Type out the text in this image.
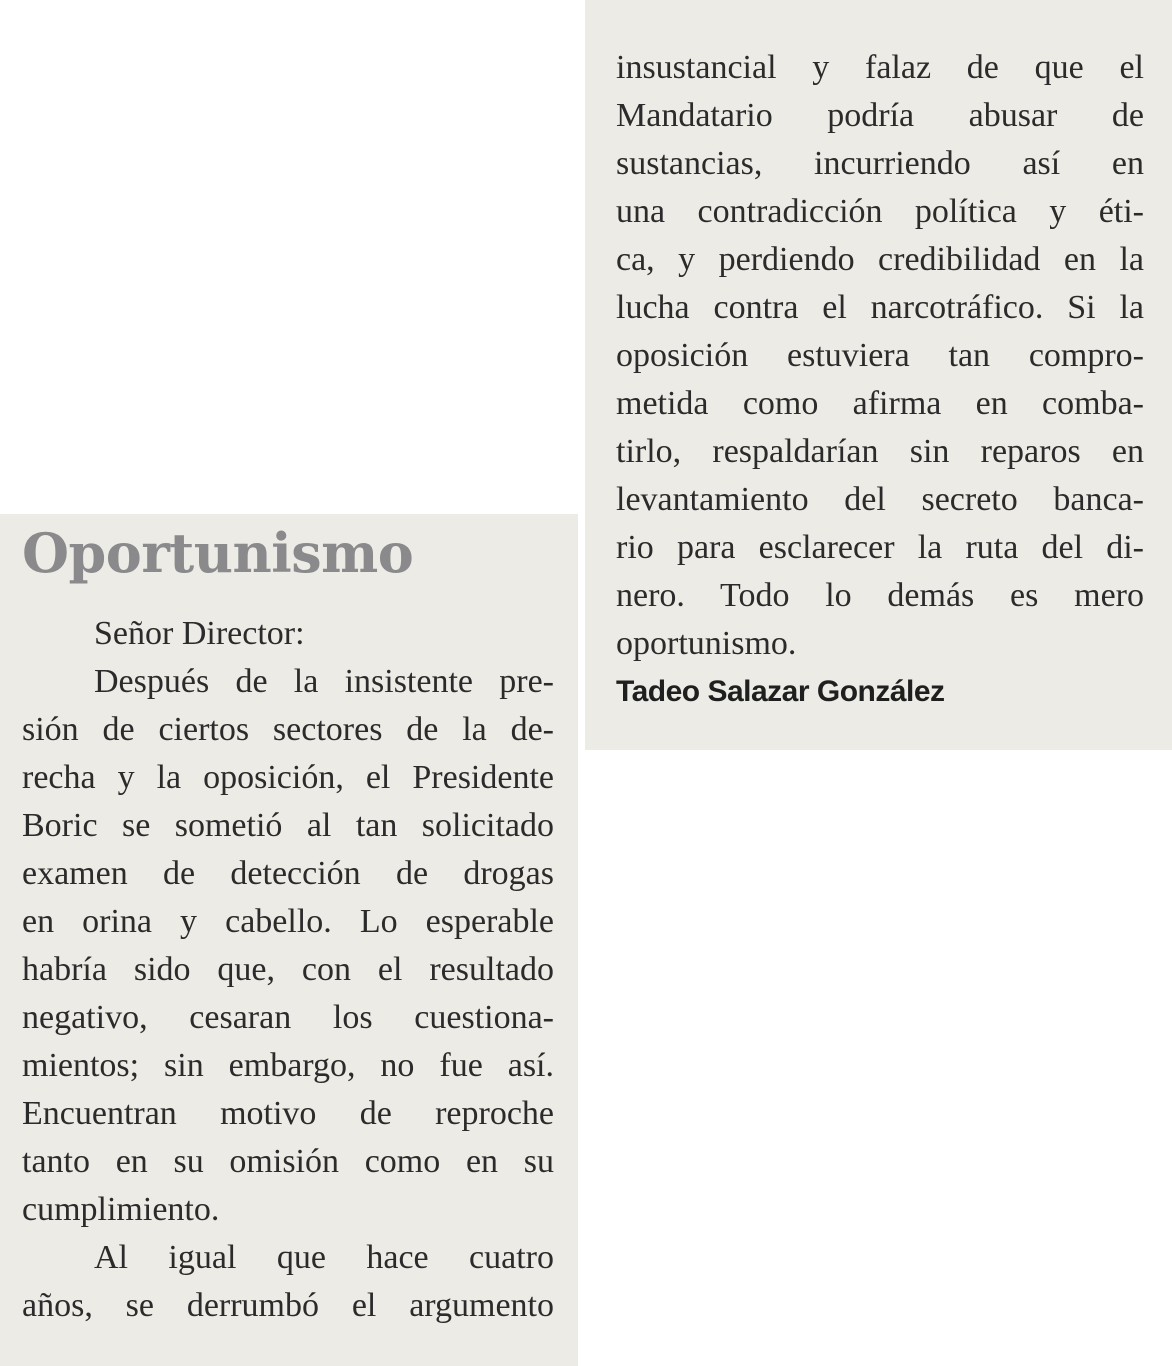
Oportunismo
Señor Director:
Después de la insistente pre-
sión de ciertos sectores de la de-
recha y la oposición, el Presidente
Boric se sometió al tan solicitado
examen de detección de drogas
en orina y cabello. Lo esperable
habría sido que, con el resultado
negativo, cesaran los cuestiona-
mientos; sin embargo, no fue así.
Encuentran motivo de reproche
tanto en su omisión como en su
cumplimiento.
Al igual que hace cuatro
años, se derrumbó el argumento
insustancial y falaz de que el
Mandatario podría abusar de
sustancias, incurriendo así en
una contradicción política y éti-
ca, y perdiendo credibilidad en la
lucha contra el narcotráfico. Si la
oposición estuviera tan compro-
metida como afirma en comba-
tirlo, respaldarían sin reparos en
levantamiento del secreto banca-
rio para esclarecer la ruta del di-
nero. Todo lo demás es mero
oportunismo.

Tadeo Salazar González
